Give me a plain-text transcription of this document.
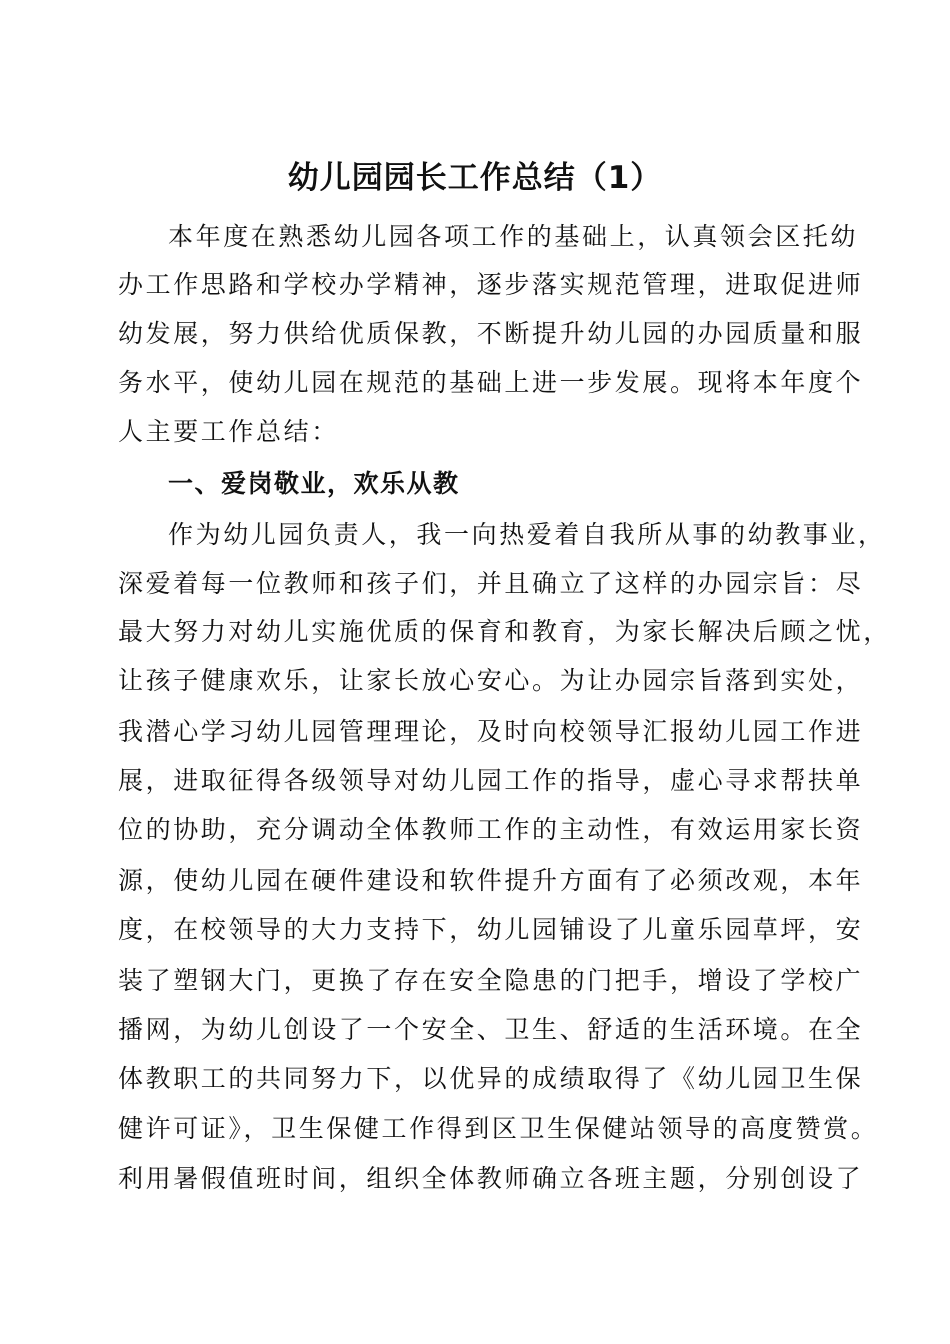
幼儿园园长工作总结（1）
本年度在熟悉幼儿园各项工作的基础上，认真领会区托幼
办工作思路和学校办学精神，逐步落实规范管理，进取促进师
幼发展，努力供给优质保教，不断提升幼儿园的办园质量和服
务水平，使幼儿园在规范的基础上进一步发展。现将本年度个
人主要工作总结：
一、爱岗敬业，欢乐从教
作为幼儿园负责人，我一向热爱着自我所从事的幼教事业，
深爱着每一位教师和孩子们，并且确立了这样的办园宗旨：尽
最大努力对幼儿实施优质的保育和教育，为家长解决后顾之忧，
让孩子健康欢乐，让家长放心安心。为让办园宗旨落到实处，
我潜心学习幼儿园管理理论，及时向校领导汇报幼儿园工作进
展，进取征得各级领导对幼儿园工作的指导，虚心寻求帮扶单
位的协助，充分调动全体教师工作的主动性，有效运用家长资
源，使幼儿园在硬件建设和软件提升方面有了必须改观，本年
度，在校领导的大力支持下，幼儿园铺设了儿童乐园草坪，安
装了塑钢大门，更换了存在安全隐患的门把手，增设了学校广
播网，为幼儿创设了一个安全、卫生、舒适的生活环境。在全
体教职工的共同努力下，以优异的成绩取得了《幼儿园卫生保
健许可证》，卫生保健工作得到区卫生保健站领导的高度赞赏。
利用暑假值班时间，组织全体教师确立各班主题，分别创设了
